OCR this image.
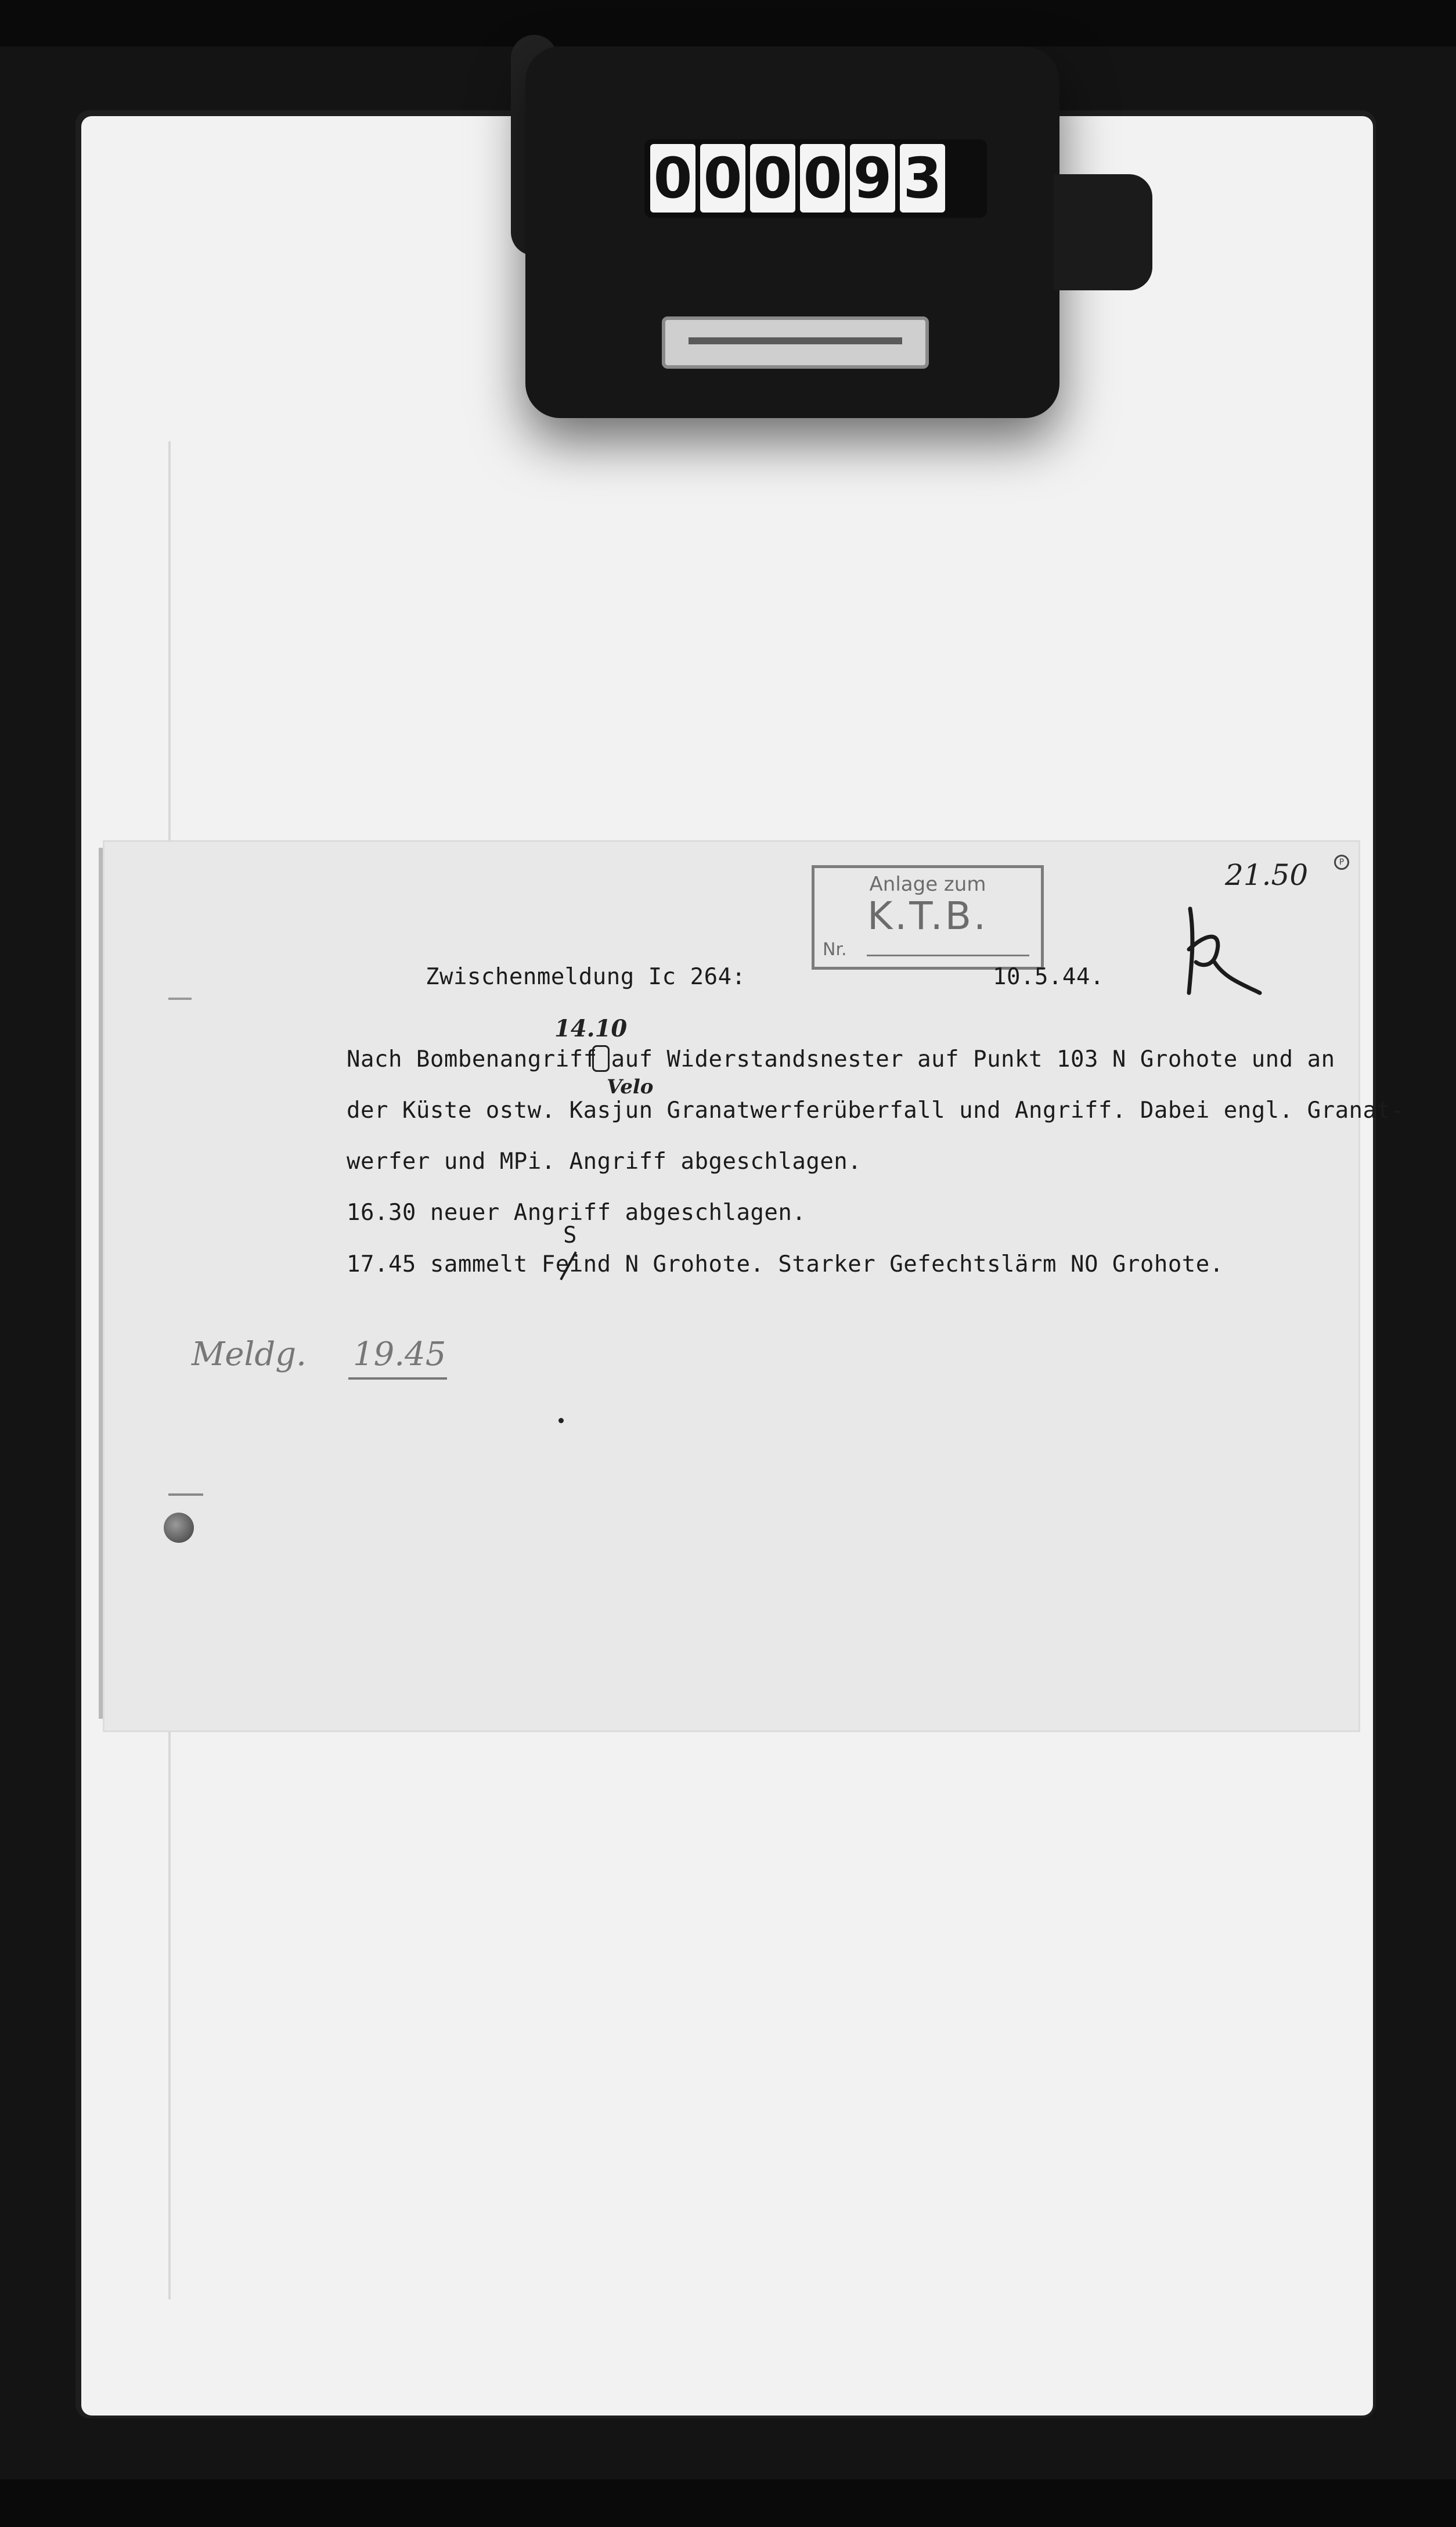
0 0 0 0 9 3
Anlage zum
K.T.B.
Nr.
21.50	P
Zwischenmeldung Ic 264:	10.5.44.
14.10
Velo
S
Nach Bombenangriff auf Widerstandsnester auf Punkt 103 N Grohote und an
der Küste ostw. Kasjun Granatwerferüberfall und Angriff. Dabei engl. Granat-
werfer und MPi. Angriff abgeschlagen.
16.30 neuer Angriff abgeschlagen.
17.45 sammelt Feind N Grohote. Starker Gefechtslärm NO Grohote.
Meldg. 19.45
